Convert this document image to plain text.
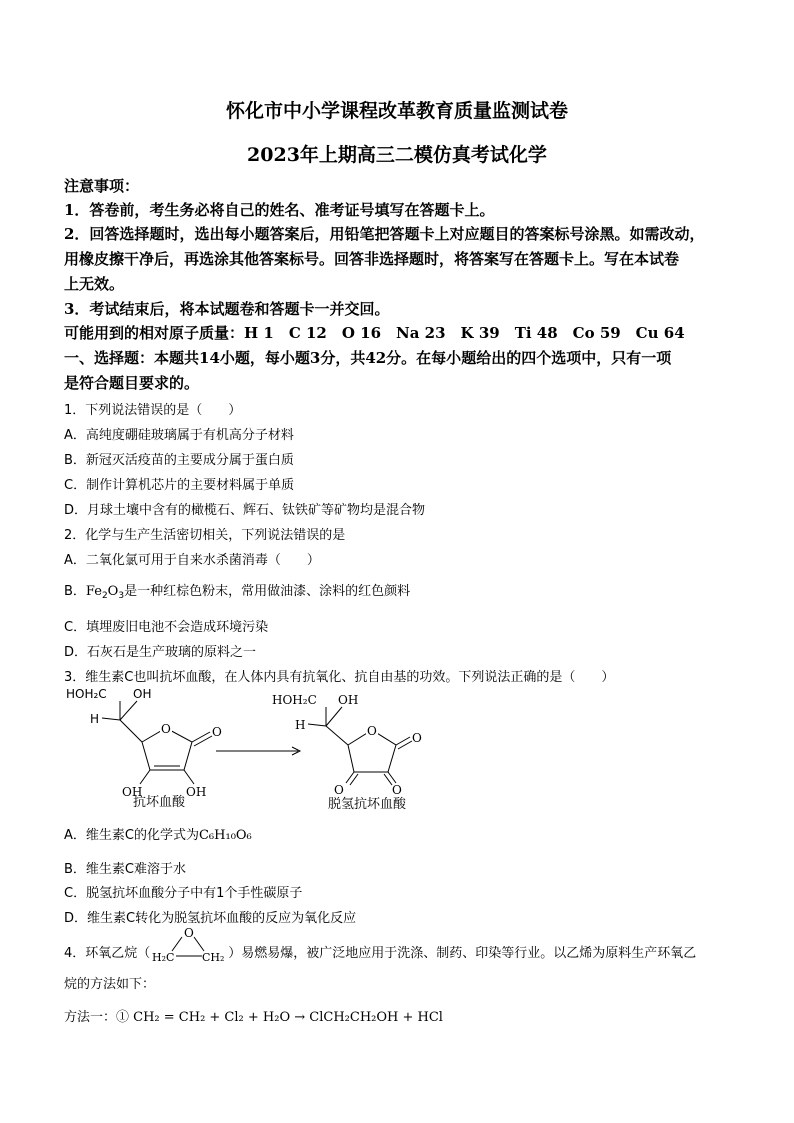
怀化市中小学课程改革教育质量监测试卷
2023年上期高三二模仿真考试化学
注意事项：
1．答卷前，考生务必将自己的姓名、准考证号填写在答题卡上。
2．回答选择题时，选出每小题答案后，用铅笔把答题卡上对应题目的答案标号涂黑。如需改动，
用橡皮擦干净后，再选涂其他答案标号。回答非选择题时，将答案写在答题卡上。写在本试卷
上无效。
3．考试结束后，将本试题卷和答题卡一并交回。
可能用到的相对原子质量：H 1　C 12　O 16　Na 23　K 39　Ti 48　Co 59　Cu 64
一、选择题：本题共14小题，每小题3分，共42分。在每小题给出的四个选项中，只有一项
是符合题目要求的。
1．下列说法错误的是（　　）
A．高纯度硼硅玻璃属于有机高分子材料
B．新冠灭活疫苗的主要成分属于蛋白质
C．制作计算机芯片的主要材料属于单质
D．月球土壤中含有的橄榄石、辉石、钛铁矿等矿物均是混合物
2．化学与生产生活密切相关，下列说法错误的是
A．二氧化氯可用于自来水杀菌消毒（　　）
B．$Fe_2O_3$是一种红棕色粉末，常用做油漆、涂料的红色颜料
C．填埋废旧电池不会造成环境污染
D．石灰石是生产玻璃的原料之一
3．维生素C也叫抗坏血酸，在人体内具有抗氧化、抗自由基的功效。下列说法正确的是（　　）
HOH₂C OH
H
O	O
OH	OH
抗坏血酸
HOH₂C OH
H	O	O
O	O
脱氢抗坏血酸
A．维生素C的化学式为C₆H₁₀O₆
B．维生素C难溶于水
C．脱氢抗坏血酸分子中有1个手性碳原子
D．维生素C转化为脱氢抗坏血酸的反应为氧化反应
4．环氧乙烷（
O
H₂C	CH₂ ）易燃易爆，被广泛地应用于洗涤、制药、印染等行业。以乙烯为原料生产环氧乙
烷的方法如下：
方法一：① CH₂ = CH₂ + Cl₂ + H₂O → ClCH₂CH₂OH + HCl
